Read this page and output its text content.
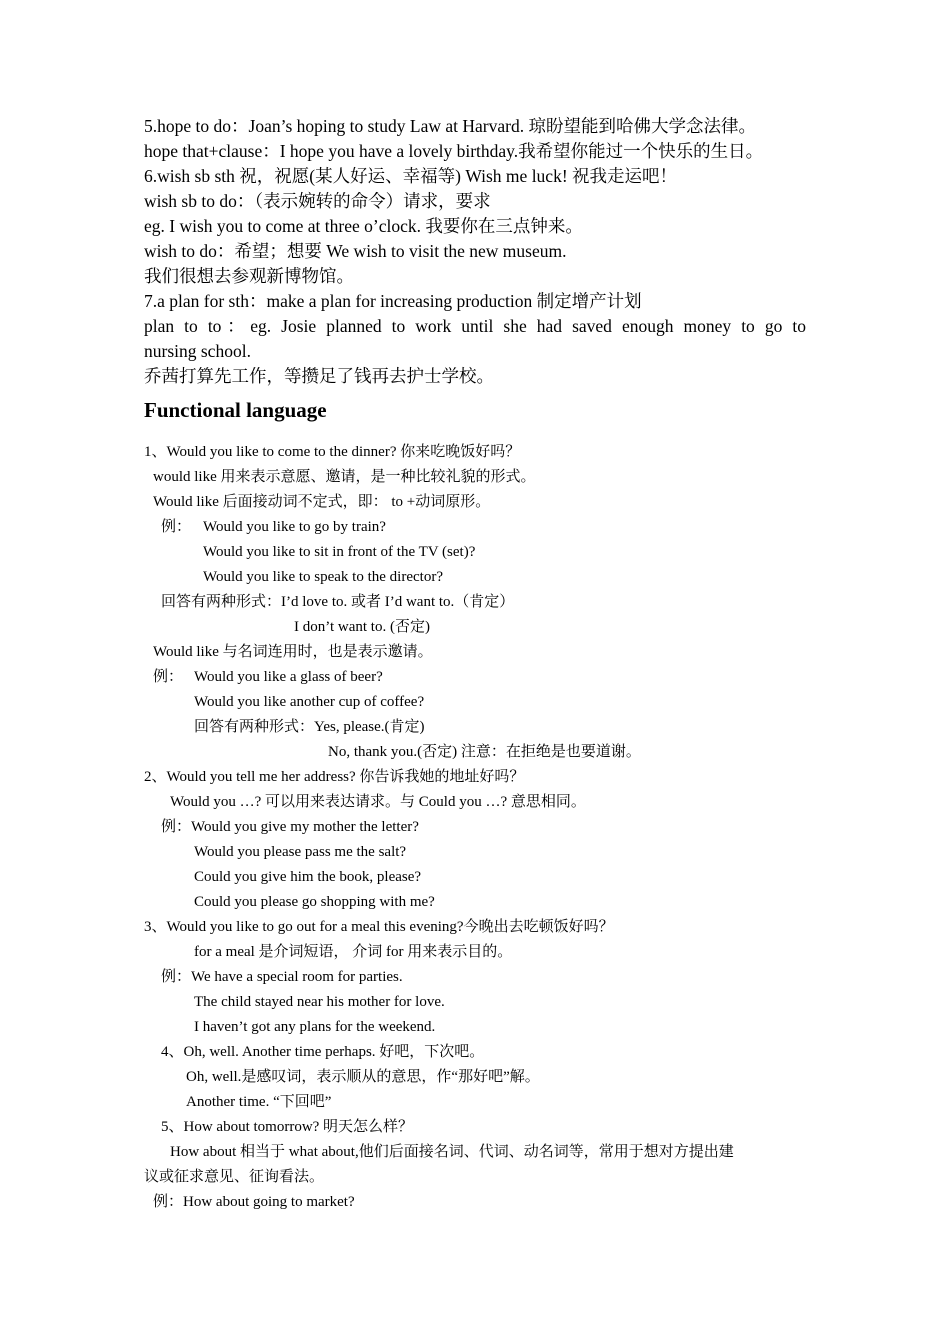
5.hope to do：Joan’s hoping to study Law at Harvard. 琼盼望能到哈佛大学念法律。
hope that+clause：I hope you have a lovely birthday.我希望你能过一个快乐的生日。
6.wish sb sth 祝，祝愿(某人好运、幸福等) Wish me luck! 祝我走运吧！
wish sb to do：（表示婉转的命令）请求，要求
eg. I wish you to come at three o’clock. 我要你在三点钟来。
wish to do：希望；想要 We wish to visit the new museum.
我们很想去参观新博物馆。
7.a plan for sth：make a plan for increasing production 制定增产计划
plan to to：eg. Josie planned to work until she had saved enough money to go to
nursing school.
乔茜打算先工作，等攒足了钱再去护士学校。
Functional language
1、Would you like to come to the dinner? 你来吃晚饭好吗？
would like 用来表示意愿、邀请，是一种比较礼貌的形式。
Would like 后面接动词不定式，即： to +动词原形。
例： Would you like to go by train?
Would you like to sit in front of the TV (set)?
Would you like to speak to the director?
回答有两种形式：I’d love to. 或者 I’d want to.（肯定）
I don’t want to. (否定)
Would like 与名词连用时，也是表示邀请。
例： Would you like a glass of beer?
Would you like another cup of coffee?
回答有两种形式：Yes, please.(肯定)
No, thank you.(否定) 注意：在拒绝是也要道谢。
2、Would you tell me her address? 你告诉我她的地址好吗？
Would you …? 可以用来表达请求。与 Could you …? 意思相同。
例：Would you give my mother the letter?
Would you please pass me the salt?
Could you give him the book, please?
Could you please go shopping with me?
3、Would you like to go out for a meal this evening?今晚出去吃顿饭好吗？
for a meal 是介词短语， 介词 for 用来表示目的。
例：We have a special room for parties.
The child stayed near his mother for love.
I haven’t got any plans for the weekend.
4、Oh, well. Another time perhaps. 好吧，下次吧。
Oh, well.是感叹词，表示顺从的意思，作“那好吧”解。
Another time. “下回吧”
5、How about tomorrow? 明天怎么样？
How about 相当于 what about,他们后面接名词、代词、动名词等，常用于想对方提出建
议或征求意见、征询看法。
例：How about going to market?
